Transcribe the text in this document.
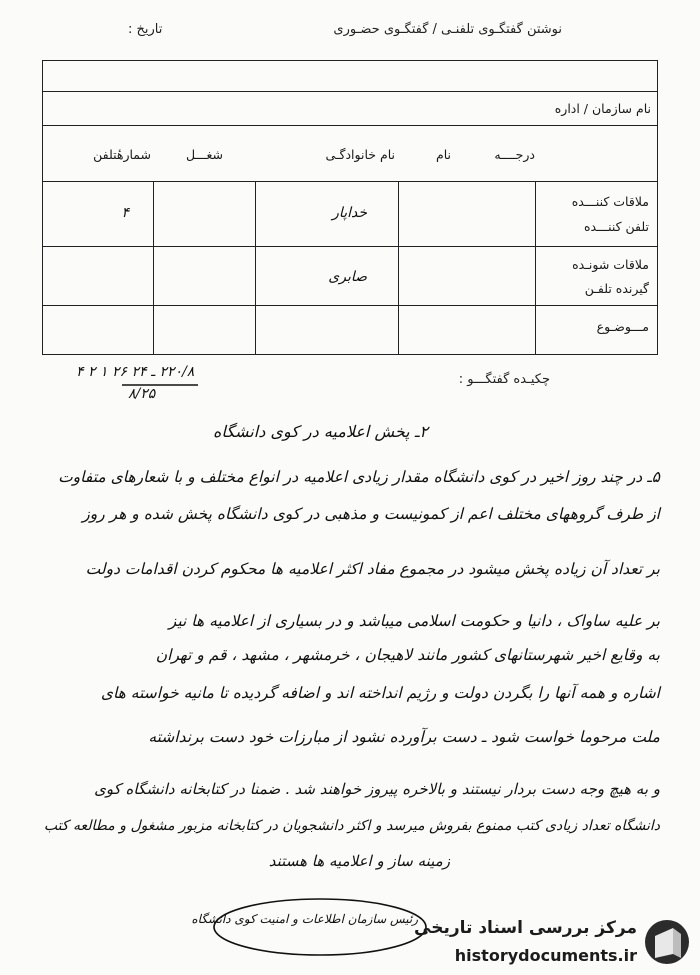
نوشتن گفتگـوی تلفنـی / گفتگـوی حضـوری
تاریخ :
نام سازمان / اداره
درجــــه
نام
نام خانوادگـی
شغـــل
شمارهٔتلفن
ملاقات کننـــده
تلفن کننـــده
ملاقات شونـده
گیرنده تلفـن
مـــوضـوع
خداپار
صابری
۴
چکیـده گفتگـــو :
۲۲۰/۸ ـ ۲۴ ۲۶ ۱ ۲ ۴
۸/۲۵
۲ـ پخش اعلامیه در کوی دانشگاه
۵ـ در چند روز اخیر در کوی دانشگاه مقدار زیادی اعلامیه در انواع مختلف و با شعارهای متفاوت
از طرف گروههای مختلف اعم از کمونیست و مذهبی در کوی دانشگاه پخش شده و هر روز
بر تعداد آن زیاده پخش میشود در مجموع مفاد اکثر اعلامیه ها محکوم کردن اقدامات دولت
بر علیه ساواک ، دانیا و حکومت اسلامی میباشد و در بسیاری از اعلامیه ها نیز
به وقایع اخیر شهرستانهای کشور مانند لاهیجان ، خرمشهر ، مشهد ، قم و تهران
اشاره و همه آنها را بگردن دولت و رژیم انداخته اند و اضافه گردیده تا مانیه خواسته های
ملت مرحوما خواست شود ـ دست برآورده نشود از مبارزات خود دست برنداشته
و به هیچ وجه دست بردار نیستند و بالاخره پیروز خواهند شد . ضمنا در کتابخانه دانشگاه کوی
دانشگاه تعداد زیادی کتب ممنوع بفروش میرسد و اکثر دانشجویان در کتابخانه مزبور مشغول و مطالعه کتب
زمینه ساز و اعلامیه ها هستند
رئیس سازمان اطلاعات و امنیت کوی دانشگاه
مرکز بررسی اسناد تاریخی
historydocuments.ir
